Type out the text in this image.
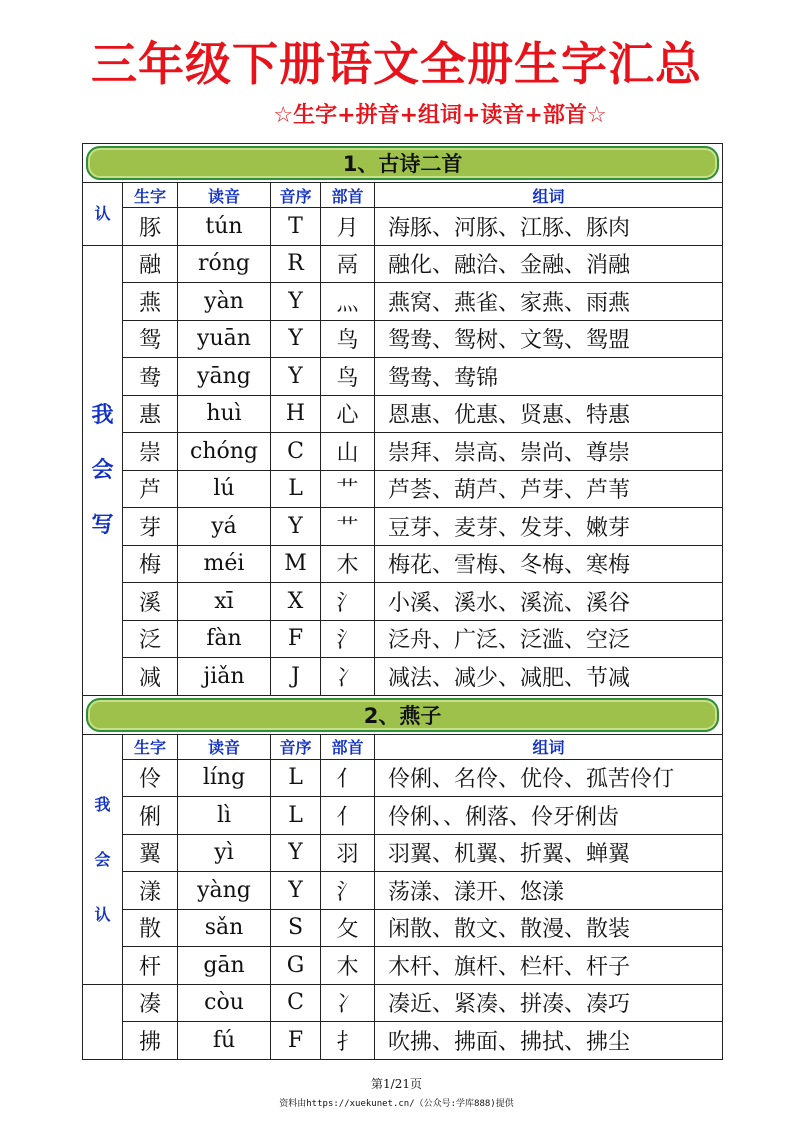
三年级下册语文全册生字汇总
☆生字+拼音+组词+读音+部首☆
1、古诗二首					

认	生字	读音	音序	部首	组词
	豚	tún	T	月	海豚、河豚、江豚、豚肉

我
会
写	融	róng	R	鬲	融化、融洽、金融、消融
	燕	yàn	Y	灬	燕窝、燕雀、家燕、雨燕
	鸳	yuān	Y	鸟	鸳鸯、鸳树、文鸳、鸳盟
	鸯	yāng	Y	鸟	鸳鸯、鸯锦
	惠	huì	H	心	恩惠、优惠、贤惠、特惠
	崇	chóng	C	山	崇拜、崇高、崇尚、尊崇
	芦	lú	L	艹	芦荟、葫芦、芦芽、芦苇
	芽	yá	Y	艹	豆芽、麦芽、发芽、嫩芽
	梅	méi	M	木	梅花、雪梅、冬梅、寒梅
	溪	xī	X	氵	小溪、溪水、溪流、溪谷
	泛	fàn	F	氵	泛舟、广泛、泛滥、空泛
	减	jiǎn	J	冫	减法、减少、减肥、节减

2、燕子					

我
会
认	生字	读音	音序	部首	组词
	伶	líng	L	亻	伶俐、名伶、优伶、孤苦伶仃
	俐	lì	L	亻	伶俐、、俐落、伶牙俐齿
	翼	yì	Y	羽	羽翼、机翼、折翼、蝉翼
	漾	yàng	Y	氵	荡漾、漾开、悠漾
	散	sǎn	S	攵	闲散、散文、散漫、散装
	杆	gān	G	木	木杆、旗杆、栏杆、杆子
	凑	còu	C	冫	凑近、紧凑、拼凑、凑巧
	拂	fú	F	扌	吹拂、拂面、拂拭、拂尘
第1/21页
资料由https://xuekunet.cn/（公众号:学库888)提供
